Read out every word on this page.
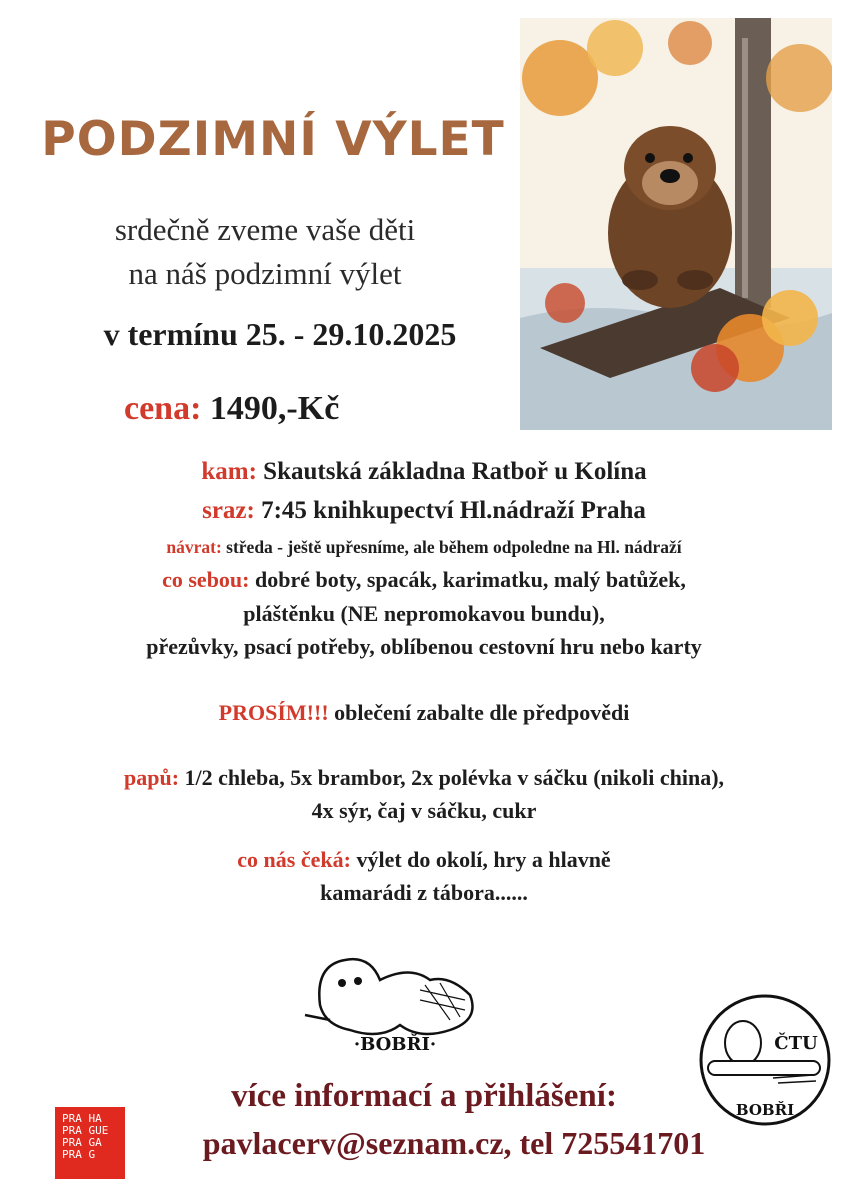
PODZIMNÍ VÝLET
srdečně zveme vaše děti
na náš podzimní výlet
v termínu 25. - 29.10.2025
cena: 1490,-Kč
kam: Skautská základna Ratboř u Kolína
sraz: 7:45 knihkupectví Hl.nádraží Praha
návrat: středa - ještě upřesníme, ale během odpoledne na Hl. nádraží
co sebou: dobré boty, spacák, karimatku, malý batůžek,
pláštěnku (NE nepromokavou bundu),
přezůvky, psací potřeby, oblíbenou cestovní hru nebo karty
PROSÍM!!! oblečení zabalte dle předpovědi
papů: 1/2 chleba, 5x brambor, 2x polévka v sáčku (nikoli china),
4x sýr, čaj v sáčku, cukr
co nás čeká: výlet do okolí, hry a hlavně
kamarádi z tábora......
·BOBŘI·	ČTU
BOBŘI
více informací a přihlášení:
pavlacerv@seznam.cz, tel 725541701
PRA HA
PRA GUE
PRA GA
PRA G
